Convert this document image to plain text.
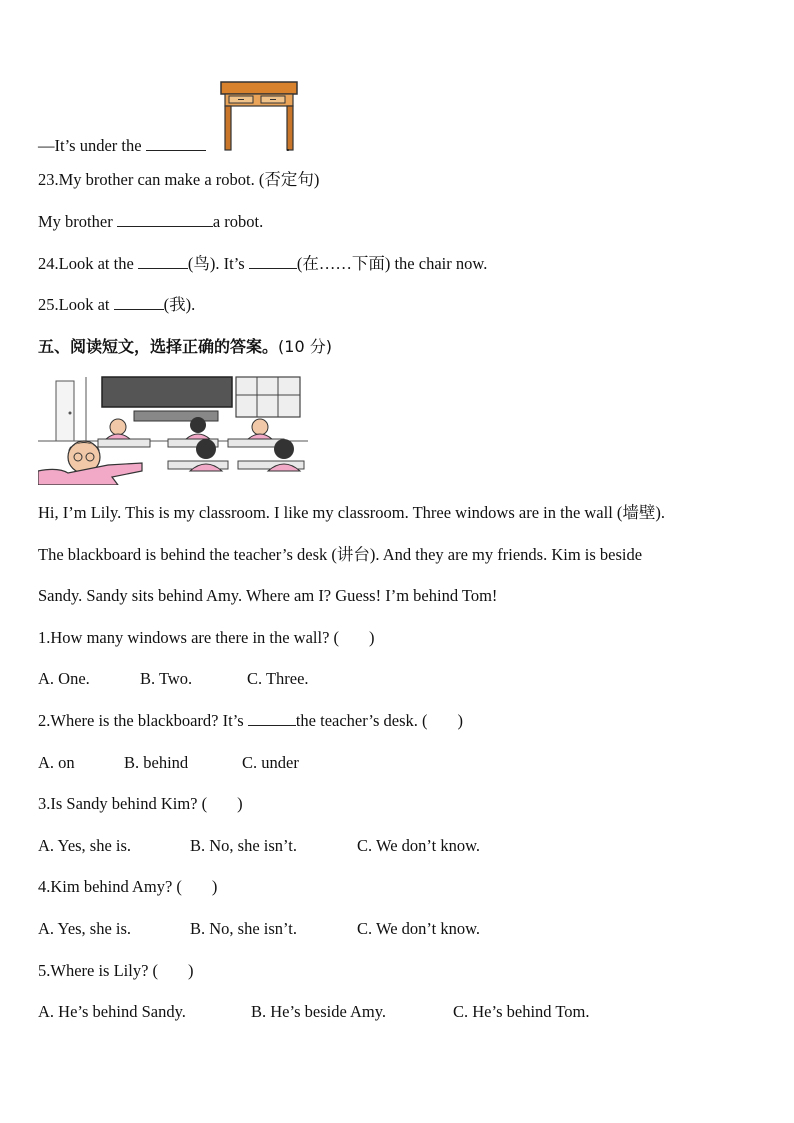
—It’s under the	.
23.My brother can make a robot. (否定句)
My brother	a robot.
24.Look at the	(鸟). It’s	(在……下面) the chair now.
25.Look at	(我).
五、阅读短文，选择正确的答案。(10 分)
Hi, I’m Lily. This is my classroom. I like my classroom. Three windows are in the wall (墙壁).
The blackboard is behind the teacher’s desk (讲台). And they are my friends. Kim is beside
Sandy. Sandy sits behind Amy. Where am I? Guess! I’m behind Tom!
1.How many windows are there in the wall? ( )
A. One.	B. Two.	C. Three.
2.Where is the blackboard? It’s	the teacher’s desk. ( )
A. on	B. behind	C. under
3.Is Sandy behind Kim? ( )
A. Yes, she is.	B. No, she isn’t.	C. We don’t know.
4.Kim behind Amy? ( )
A. Yes, she is.	B. No, she isn’t.	C. We don’t know.
5.Where is Lily? ( )
A. He’s behind Sandy.	B. He’s beside Amy.	C. He’s behind Tom.
